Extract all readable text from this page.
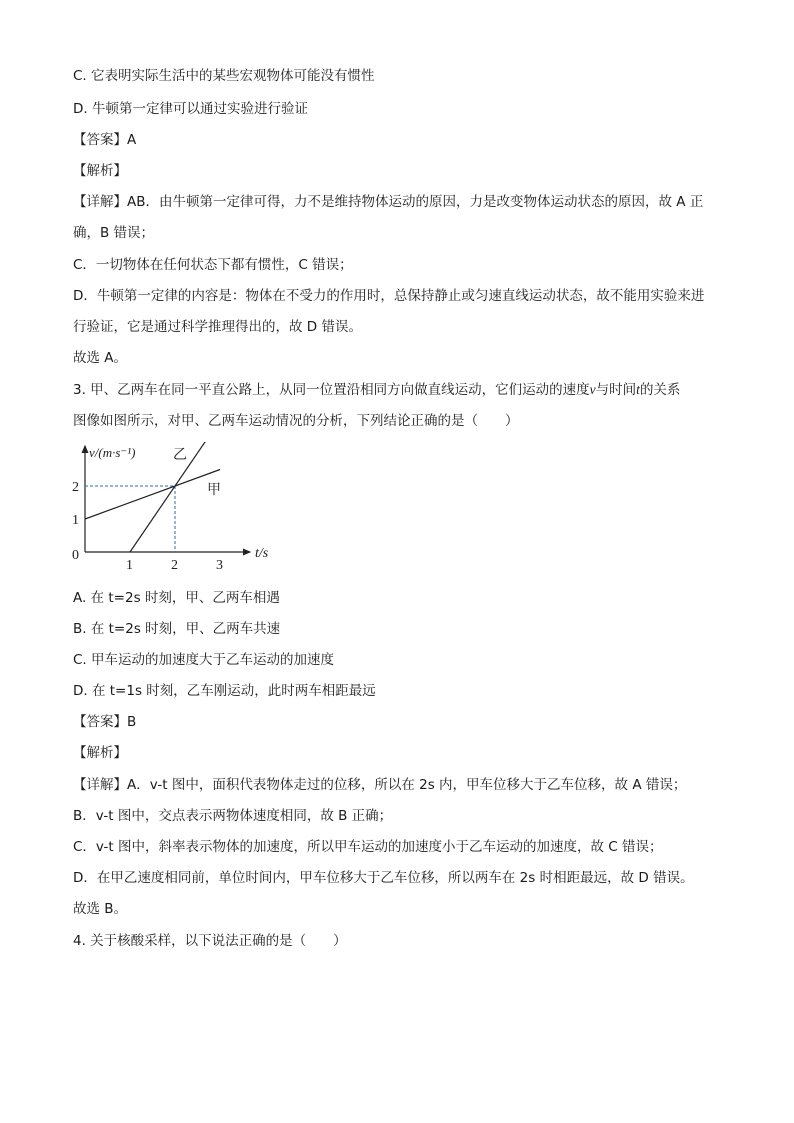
C. 它表明实际生活中的某些宏观物体可能没有惯性
D. 牛顿第一定律可以通过实验进行验证
【答案】A
【解析】
【详解】AB．由牛顿第一定律可得，力不是维持物体运动的原因，力是改变物体运动状态的原因，故 A 正
确，B 错误；
C．一切物体在任何状态下都有惯性，C 错误；
D．牛顿第一定律的内容是：物体在不受力的作用时，总保持静止或匀速直线运动状态，故不能用实验来进
行验证，它是通过科学推理得出的，故 D 错误。
故选 A。
3. 甲、乙两车在同一平直公路上，从同一位置沿相同方向做直线运动，它们运动的速度v与时间t的关系
图像如图所示，对甲、乙两车运动情况的分析，下列结论正确的是（　　）
甲
乙
1	2	3
1
2
0	t/s
v/(m·s⁻¹)
A. 在 t=2s 时刻，甲、乙两车相遇
B. 在 t=2s 时刻，甲、乙两车共速
C. 甲车运动的加速度大于乙车运动的加速度
D. 在 t=1s 时刻，乙车刚运动，此时两车相距最远
【答案】B
【解析】
【详解】A．v-t 图中，面积代表物体走过的位移，所以在 2s 内，甲车位移大于乙车位移，故 A 错误；
B．v-t 图中，交点表示两物体速度相同，故 B 正确；
C．v-t 图中，斜率表示物体的加速度，所以甲车运动的加速度小于乙车运动的加速度，故 C 错误；
D．在甲乙速度相同前，单位时间内，甲车位移大于乙车位移，所以两车在 2s 时相距最远，故 D 错误。
故选 B。
4. 关于核酸采样，以下说法正确的是（　　）
